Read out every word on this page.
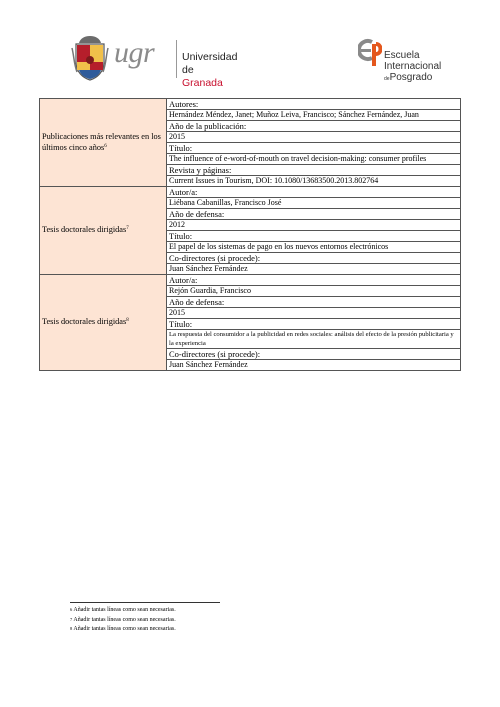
ugr	Universidad
de Granada
Escuela
Internacional
dePosgrado
Publicaciones más relevantes en los últimos cinco años$^6$	Autores:
	Hernández Méndez, Janet; Muñoz Leiva, Francisco; Sánchez Fernández, Juan
	Año de la publicación:
	2015
	Título:
	The influence of e-word-of-mouth on travel decision-making: consumer profiles
	Revista y páginas:
	Current Issues in Tourism, DOI: 10.1080/13683500.2013.802764
Tesis doctorales dirigidas$^7$	Autor/a:
	Liébana Cabanillas, Francisco José
	Año de defensa:
	2012
	Título:
	El papel de los sistemas de pago en los nuevos entornos electrónicos
	Co-directores (si procede):
	Juan Sánchez Fernández
Tesis doctorales dirigidas$^8$	Autor/a:
	Rejón Guardia, Francisco
	Año de defensa:
	2015
	Título:
	La respuesta del consumidor a la publicidad en redes sociales: análisis del efecto de la presión publicitaria y la experiencia
	Co-directores (si procede):
	Juan Sánchez Fernández
$^6$ Añadir tantas líneas como sean necesarias.
$^7$ Añadir tantas líneas como sean necesarias.
$^8$ Añadir tantas líneas como sean necesarias.
